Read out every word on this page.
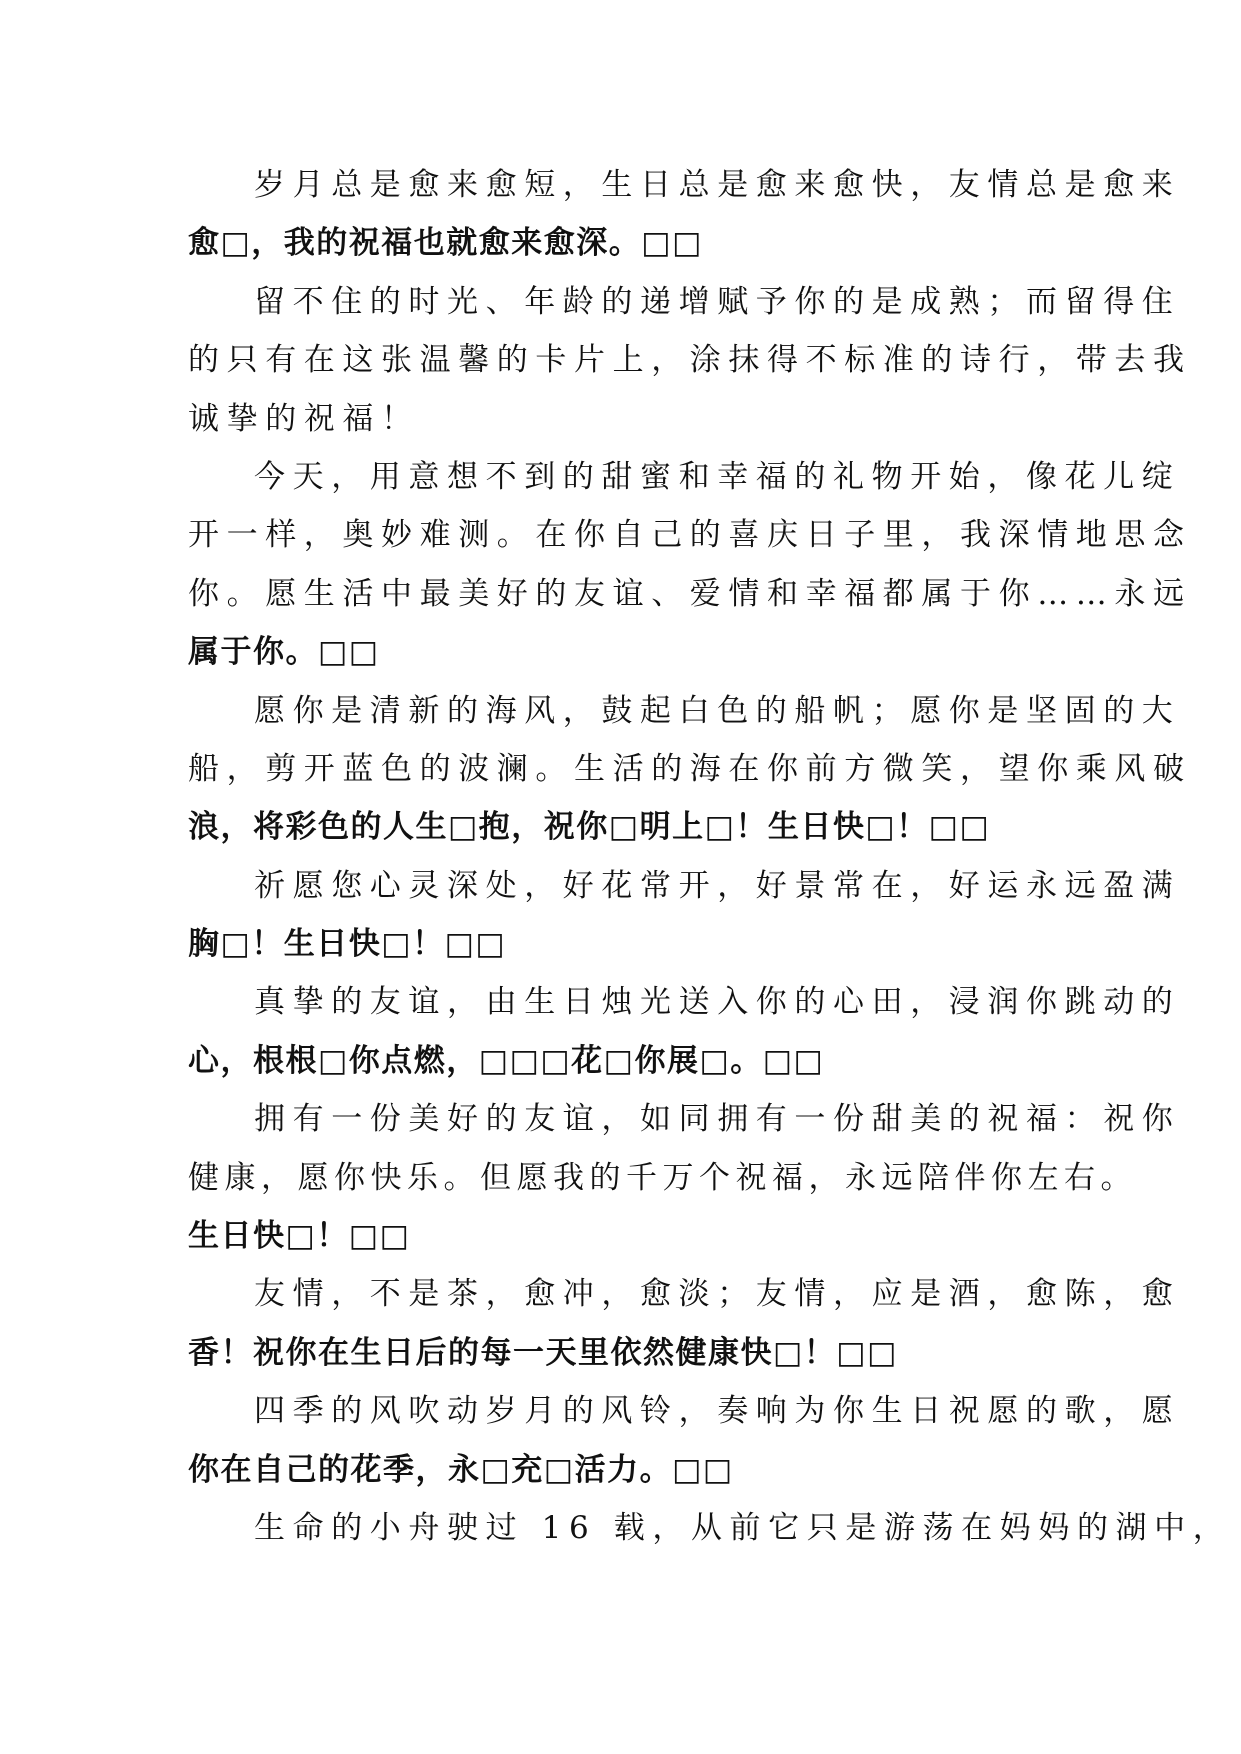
岁月总是愈来愈短，生日总是愈来愈快，友情总是愈来
愈□，我的祝福也就愈来愈深。□□
留不住的时光、年龄的递增赋予你的是成熟；而留得住
的只有在这张温馨的卡片上，涂抹得不标准的诗行，带去我
诚挚的祝福！
今天，用意想不到的甜蜜和幸福的礼物开始，像花儿绽
开一样，奥妙难测。在你自己的喜庆日子里，我深情地思念
你。愿生活中最美好的友谊、爱情和幸福都属于你……永远
属于你。□□
愿你是清新的海风，鼓起白色的船帆；愿你是坚固的大
船，剪开蓝色的波澜。生活的海在你前方微笑，望你乘风破
浪，将彩色的人生□抱，祝你□明上□！生日快□！□□
祈愿您心灵深处，好花常开，好景常在，好运永远盈满
胸□！生日快□！□□
真挚的友谊，由生日烛光送入你的心田，浸润你跳动的
心，根根□你点燃，□□□花□你展□。□□
拥有一份美好的友谊，如同拥有一份甜美的祝福：祝你
健康，愿你快乐。但愿我的千万个祝福，永远陪伴你左右。
生日快□！□□
友情，不是茶，愈冲，愈淡；友情，应是酒，愈陈，愈
香！祝你在生日后的每一天里依然健康快□！□□
四季的风吹动岁月的风铃，奏响为你生日祝愿的歌，愿
你在自己的花季，永□充□活力。□□
生命的小舟驶过 16 载，从前它只是游荡在妈妈的湖中，
